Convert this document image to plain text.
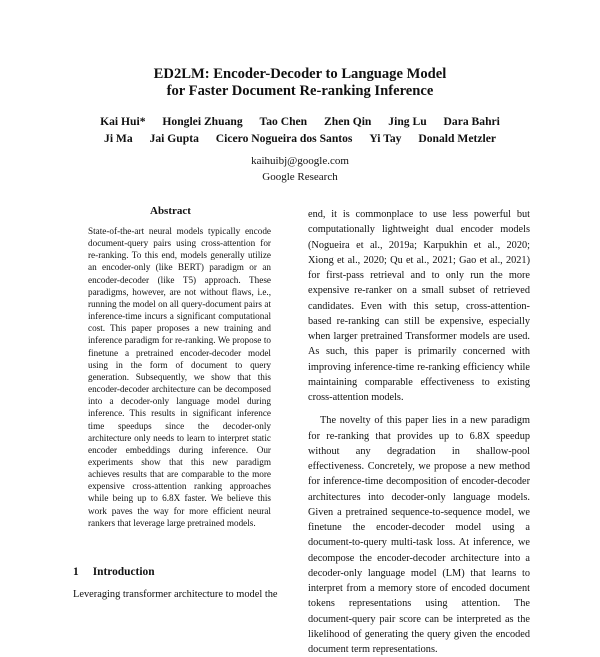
ED2LM: Encoder-Decoder to Language Model
for Faster Document Re-ranking Inference
Kai Hui* Honglei Zhuang Tao Chen Zhen Qin Jing Lu Dara Bahri
Ji Ma Jai Gupta Cicero Nogueira dos Santos Yi Tay Donald Metzler
kaihuibj@google.com
Google Research
Abstract
State-of-the-art neural models typically encode document-query pairs using cross-attention for re-ranking. To this end, models generally utilize an encoder-only (like BERT) paradigm or an encoder-decoder (like T5) approach. These paradigms, however, are not without flaws, i.e., running the model on all query-document pairs at inference-time incurs a significant computational cost. This paper proposes a new training and inference paradigm for re-ranking. We propose to finetune a pretrained encoder-decoder model using in the form of document to query generation. Subsequently, we show that this encoder-decoder architecture can be decomposed into a decoder-only language model during inference. This results in significant inference time speedups since the decoder-only architecture only needs to learn to interpret static encoder embeddings during inference. Our experiments show that this new paradigm achieves results that are comparable to the more expensive cross-attention ranking approaches while being up to 6.8X faster. We believe this work paves the way for more efficient neural rankers that leverage large pretrained models.
1 Introduction
Leveraging transformer architecture to model the

end, it is commonplace to use less powerful but computationally lightweight dual encoder models (Nogueira et al., 2019a; Karpukhin et al., 2020; Xiong et al., 2020; Qu et al., 2021; Gao et al., 2021) for first-pass retrieval and to only run the more expensive re-ranker on a small subset of retrieved candidates. Even with this setup, cross-attention-based re-ranking can still be expensive, especially when larger pretrained Transformer models are used. As such, this paper is primarily concerned with improving inference-time re-ranking efficiency while maintaining comparable effectiveness to existing cross-attention models.

The novelty of this paper lies in a new paradigm for re-ranking that provides up to 6.8X speedup without any degradation in shallow-pool effectiveness. Concretely, we propose a new method for inference-time decomposition of encoder-decoder architectures into decoder-only language models. Given a pretrained sequence-to-sequence model, we finetune the encoder-decoder model using a document-to-query multi-task loss. At inference, we decompose the encoder-decoder architecture into a decoder-only language model (LM) that learns to interpret from a memory store of encoded document tokens representations using attention. The document-query pair score can be interpreted as the likelihood of generating the query given the encoded document term representations.
